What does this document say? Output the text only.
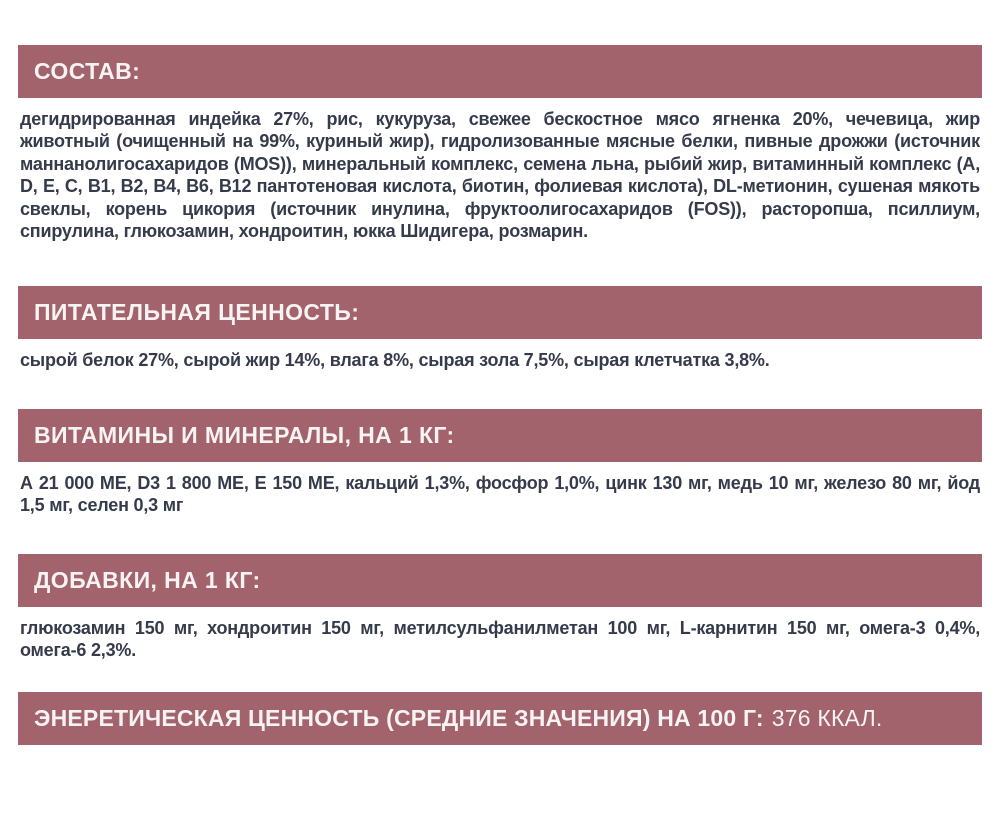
СОСТАВ:

дегидрированная индейка 27%, рис, кукуруза, свежее бескостное мясо ягненка 20%, чечевица, жир животный (очищенный на 99%, куриный жир), гидролизованные мясные белки, пивные дрожжи (источник маннанолигосахаридов (MOS)), минеральный комплекс, семена льна, рыбий жир, витаминный комплекс (A, D, E, C, B1, B2, B4, B6, B12 пантотеновая кислота, биотин, фолиевая кислота), DL-метионин, сушеная мякоть свеклы, корень цикория (источник инулина, фруктоолигосахаридов (FOS)), расторопша, псиллиум, спирулина, глюкозамин, хондроитин, юкка Шидигера, розмарин.

ПИТАТЕЛЬНАЯ ЦЕННОСТЬ:

сырой белок 27%, сырой жир 14%, влага 8%, сырая зола 7,5%, сырая клетчатка 3,8%.

ВИТАМИНЫ И МИНЕРАЛЫ, НА 1 КГ:

А 21 000 МЕ, D3 1 800 МЕ, Е 150 МЕ, кальций 1,3%, фосфор 1,0%, цинк 130 мг, медь 10 мг, железо 80 мг, йод 1,5 мг, селен 0,3 мг

ДОБАВКИ, НА 1 КГ:

глюкозамин 150 мг, хондроитин 150 мг, метилсульфанилметан 100 мг, L-карнитин 150 мг, омега-3 0,4%, омега-6 2,3%.

ЭНЕРЕТИЧЕСКАЯ ЦЕННОСТЬ (СРЕДНИЕ ЗНАЧЕНИЯ) НА 100 Г: 376 ККАЛ.
